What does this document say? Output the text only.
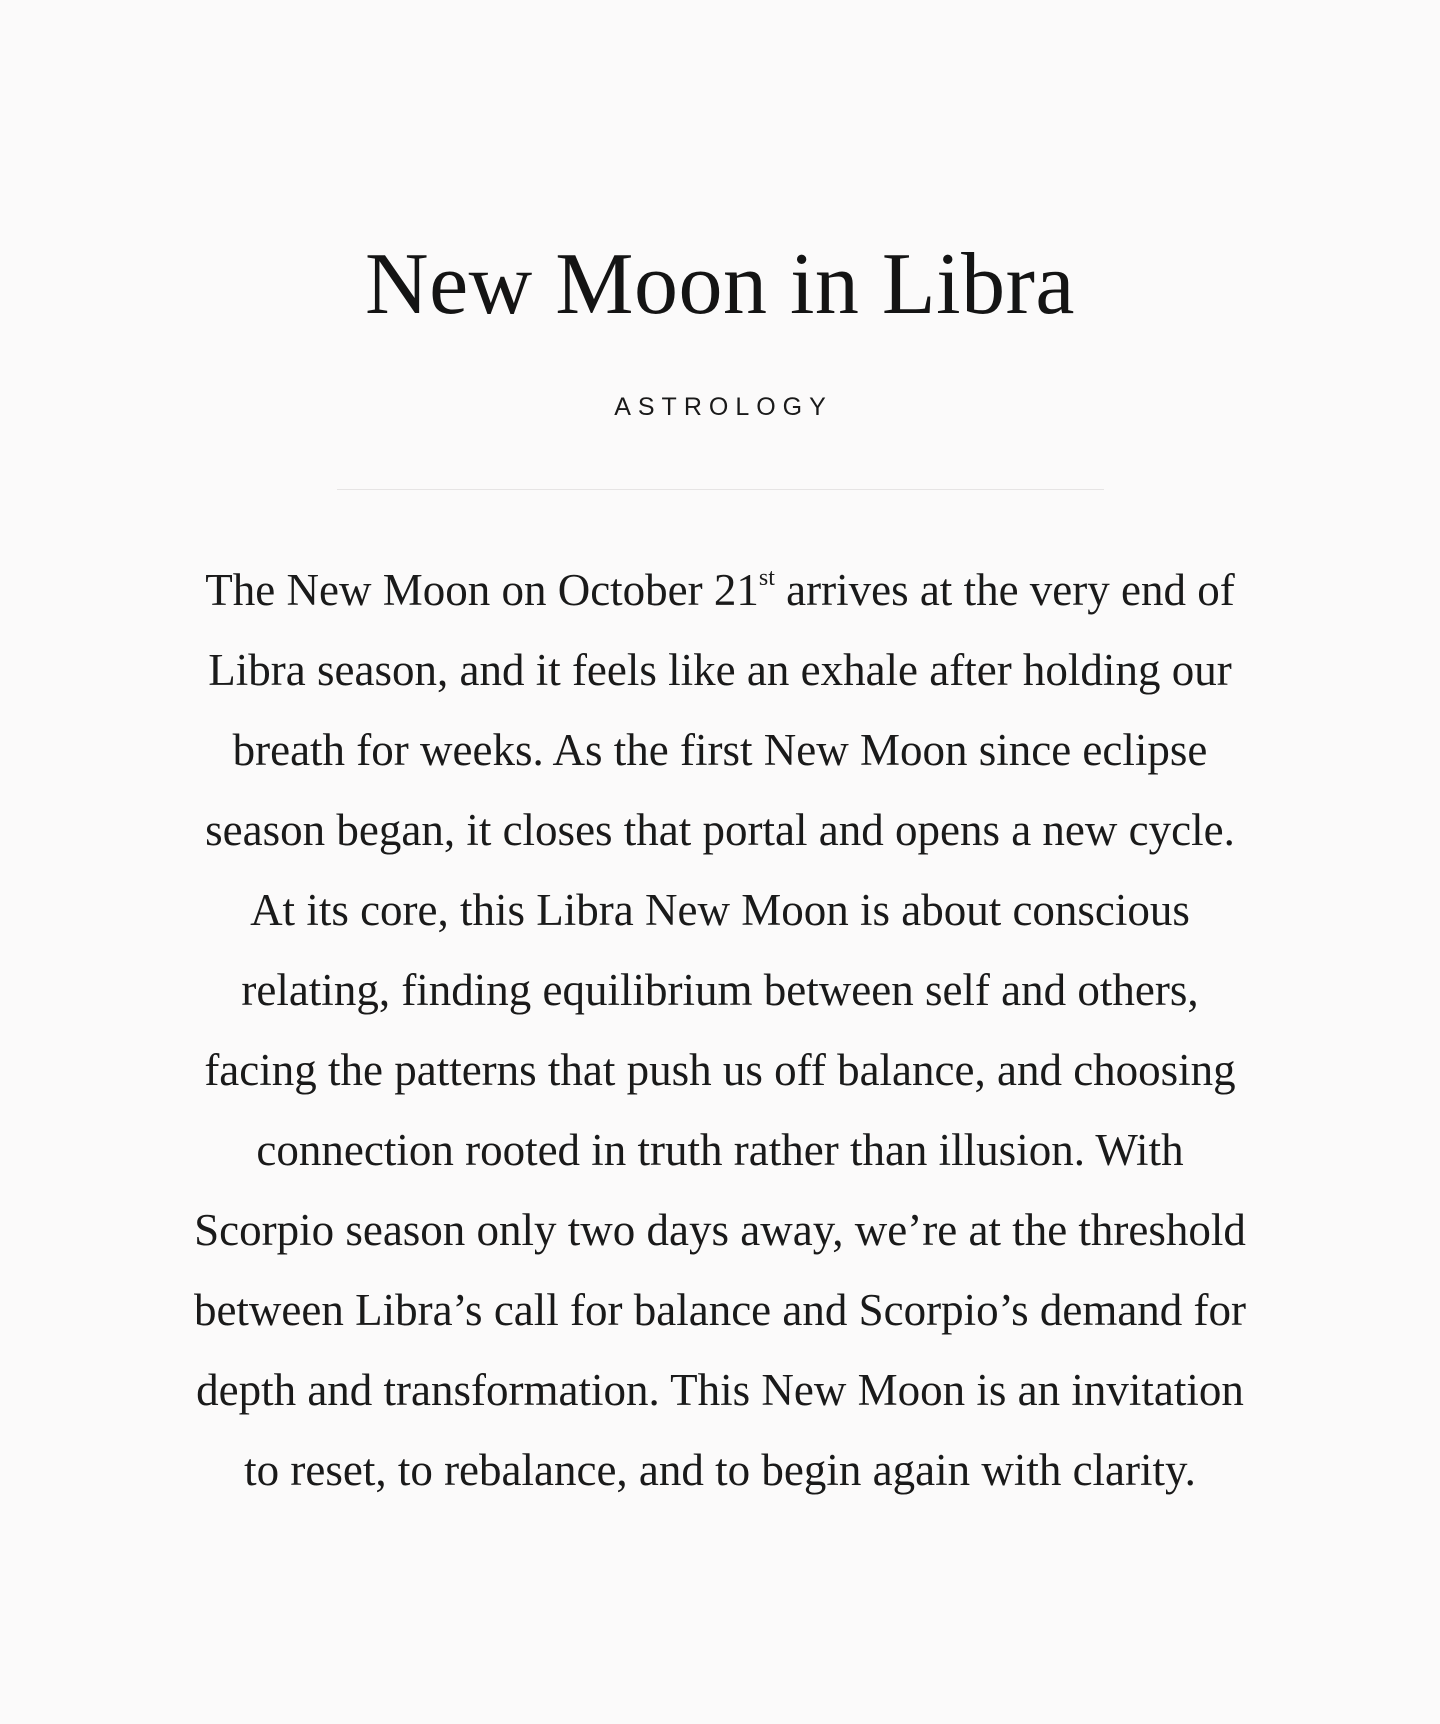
New Moon in Libra
ASTROLOGY

The New Moon on October 21st arrives at the very end of
Libra season, and it feels like an exhale after holding our
breath for weeks. As the first New Moon since eclipse
season began, it closes that portal and opens a new cycle.
At its core, this Libra New Moon is about conscious
relating, finding equilibrium between self and others,
facing the patterns that push us off balance, and choosing
connection rooted in truth rather than illusion. With
Scorpio season only two days away, we’re at the threshold
between Libra’s call for balance and Scorpio’s demand for
depth and transformation. This New Moon is an invitation
to reset, to rebalance, and to begin again with clarity.
